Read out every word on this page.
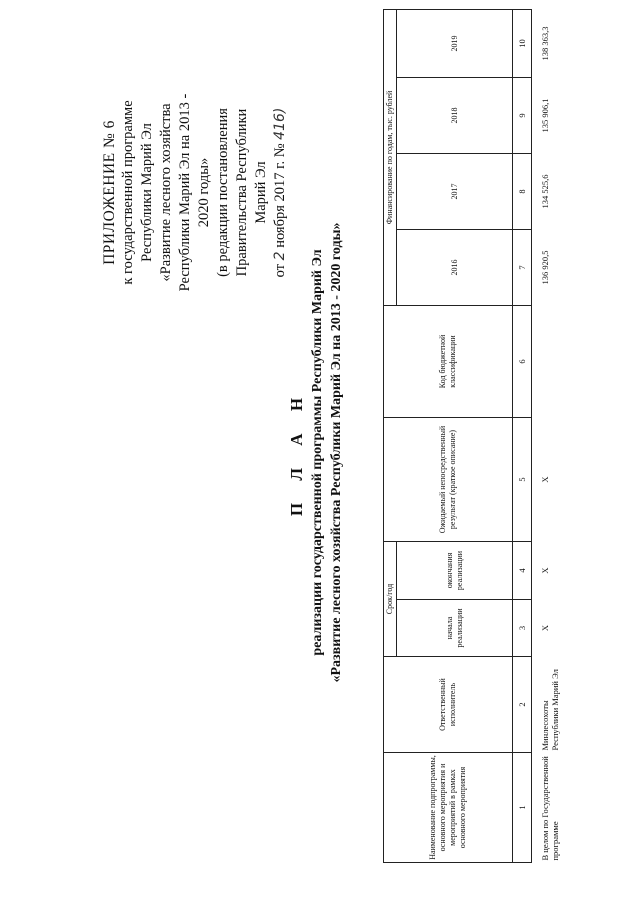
ПРИЛОЖЕНИЕ № 6 к государственной программе Республики Марий Эл «Развитие лесного хозяйства Республики Марий Эл на 2013 - 2020 годы» (в редакции постановления Правительства Республики Марий Эл
от 2 ноября 2017 г. № 416)
П Л А Н реализации государственной программы Республики Марий Эл «Развитие лесного хозяйства Республики Марий Эл на 2013 - 2020 годы»
Наименование подпрограммы, основного мероприятия и мероприятий в рамках основного мероприятия	Ответственный исполнитель	Срок/год		Ожидаемый непосредственный результат (краткое описание)	Код бюджетной классификации	Финансирование по годам, тыс. рублей			
		начала реализации	окончания реализации			2016	2017	2018	2019

1	2	3	4	5	6	7	8	9	10
В целом по Государственной программе	Минлесохоты Республики Марий Эл	X	X	X		136 920,5	134 525,6	135 906,1	138 363,3
